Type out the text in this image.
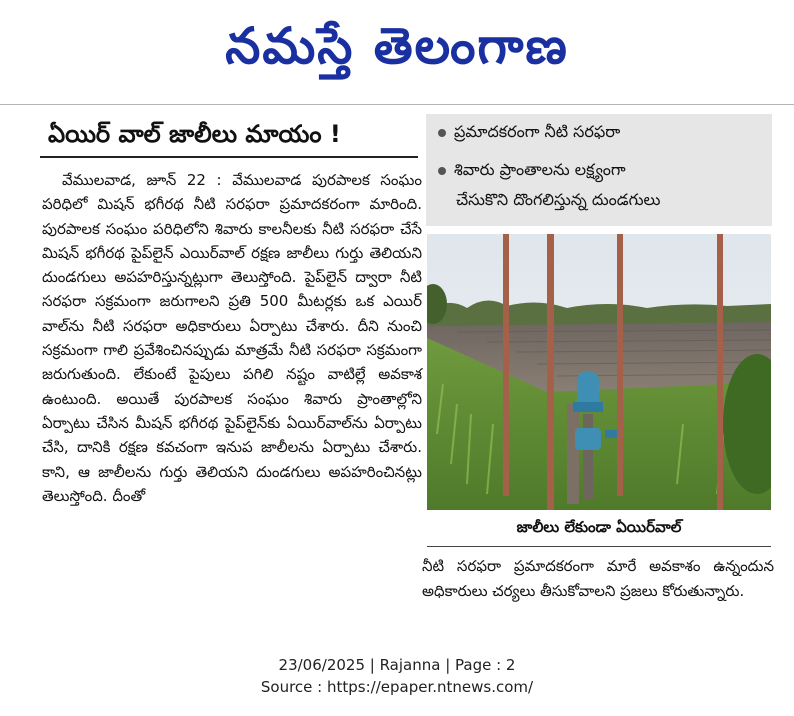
నమస్తే తెలంగాణ
ఏయిర్ వాల్ జాలీలు మాయం !

వేములవాడ, జూన్ 22 : వేములవాడ పురపాలక సంఘం పరిధిలో మిషన్ భగీరథ నీటి సరఫరా ప్రమాదకరంగా మారింది. పురపాలక సంఘం పరిధిలోని శివారు కాలనీలకు నీటి సరఫరా చేసే మిషన్ భగీరథ పైప్‌లైన్ ఎయిర్‌వాల్ రక్షణ జాలీలు గుర్తు తెలియని దుండగులు అపహరిస్తున్నట్లుగా తెలుస్తోంది. పైప్‌లైన్ ద్వారా నీటి సరఫరా సక్రమంగా జరుగాలని ప్రతి 500 మీటర్లకు ఒక ఎయిర్ వాల్‌ను నీటి సరఫరా అధికారులు ఏర్పాటు చేశారు. దీని నుంచి సక్రమంగా గాలి ప్రవేశించినప్పుడు మాత్రమే నీటి సరఫరా సక్రమంగా జరుగుతుంది. లేకుంటే పైపులు పగిలి నష్టం వాటిల్లే అవకాశ ఉంటుంది. అయితే పురపాలక సంఘం శివారు ప్రాంతాల్లోని ఏర్పాటు చేసిన మీషన్ భగీరథ పైప్‌లైన్‌కు ఏయిర్‌వాల్‌ను ఏర్పాటు చేసి, దానికి రక్షణ కవచంగా ఇనుప జాలీలను ఏర్పాటు చేశారు. కాని, ఆ జాలీలను గుర్తు తెలియని దుండగులు అపహరించినట్లు తెలుస్తోంది. దీంతో

ప్రమాదకరంగా నీటి సరఫరా
శివారు ప్రాంతాలను లక్ష్యంగా
చేసుకొని దొంగలిస్తున్న దుండగులు
జాలీలు లేకుండా ఏయిర్‌వాల్

నీటి సరఫరా ప్రమాదకరంగా మారే అవకాశం ఉన్నందున అధికారులు చర్యలు తీసుకోవాలని ప్రజలు కోరుతున్నారు.

23/06/2025 | Rajanna | Page : 2
Source : https://epaper.ntnews.com/
